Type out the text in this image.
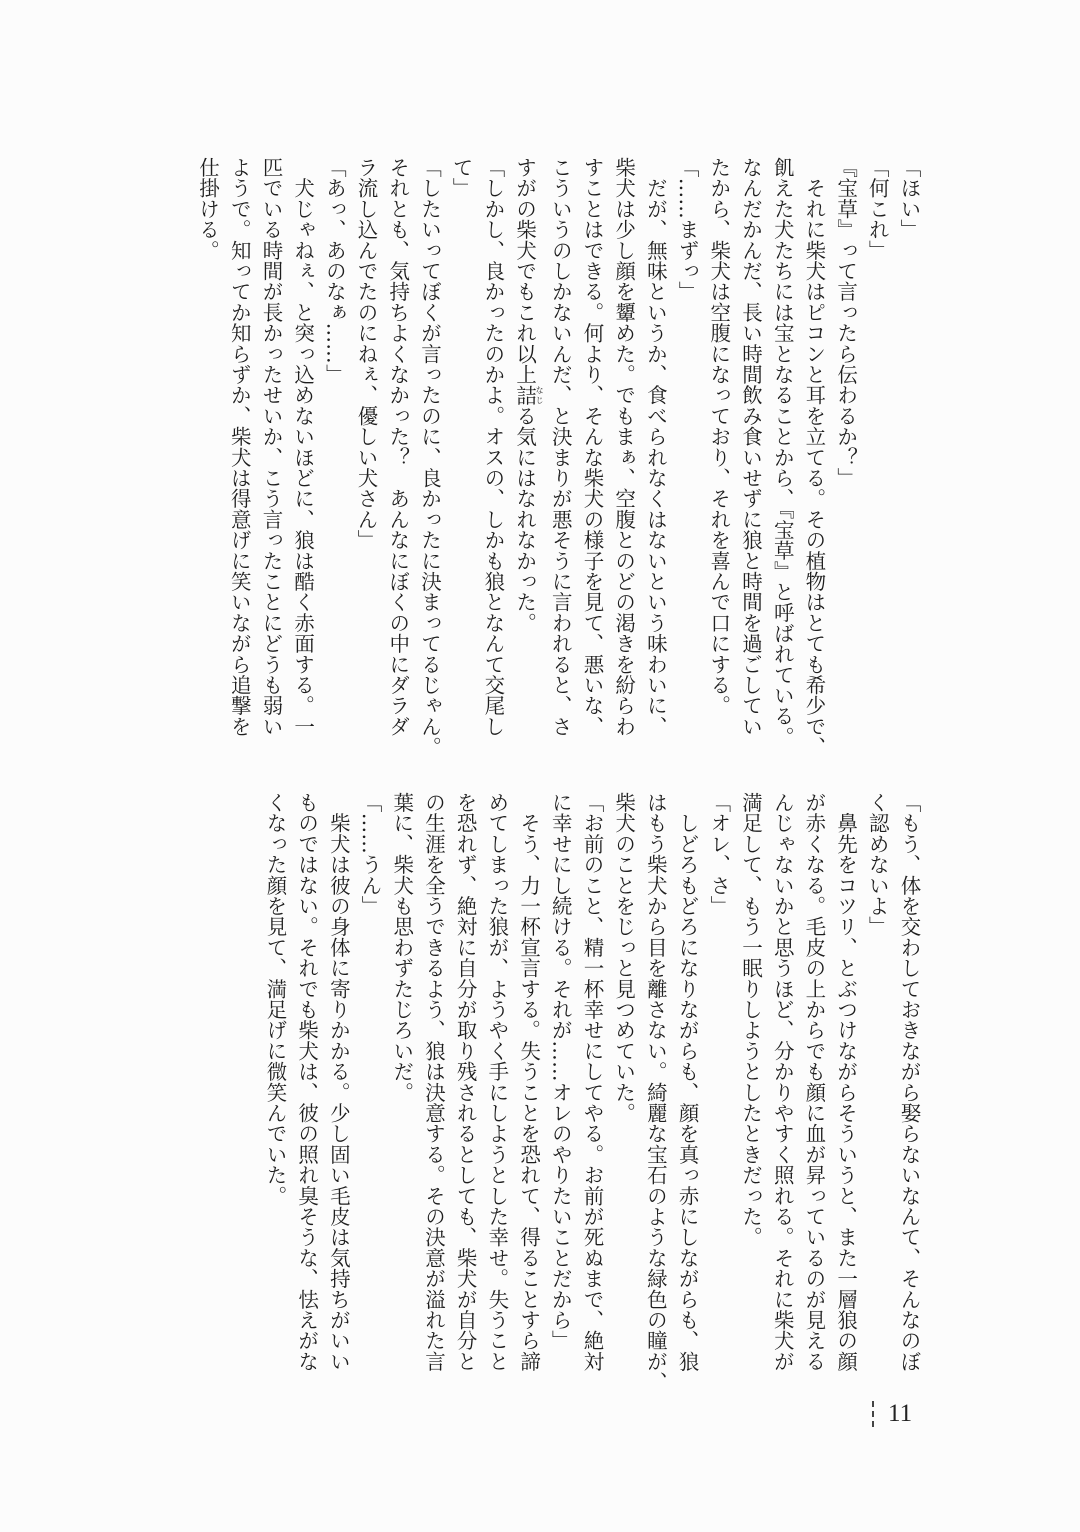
「ほい」
「何これ」
『宝草』って言ったら伝わるか？」
　それに柴犬はピコンと耳を立てる。その植物はとても希少で、
飢えた犬たちには宝となることから、『宝草』と呼ばれている。
なんだかんだ、長い時間飲み食いせずに狼と時間を過ごしてい
たから、柴犬は空腹になっており、それを喜んで口にする。
「……まずっ」
　だが、無味というか、食べられなくはないという味わいに、
柴犬は少し顔を顰めた。でもまぁ、空腹とのどの渇きを紛らわ
すことはできる。何より、そんな柴犬の様子を見て、悪いな、
こういうのしかないんだ、と決まりが悪そうに言われると、さ
すがの柴犬でもこれ以上詰なじる気にはなれなかった。
「しかし、良かったのかよ。オスの、しかも狼となんて交尾し
て」
「したいってぼくが言ったのに、良かったに決まってるじゃん。
それとも、気持ちよくなかった？　あんなにぼくの中にダラダ
ラ流し込んでたのにねぇ、優しい犬さん」
「あっ、あのなぁ……」
　犬じゃねぇ、と突っ込めないほどに、狼は酷く赤面する。一
匹でいる時間が長かったせいか、こう言ったことにどうも弱い
ようで。知ってか知らずか、柴犬は得意げに笑いながら追撃を
仕掛ける。
「もう、体を交わしておきながら娶らないなんて、そんなのぼ
く認めないよ」
　鼻先をコツリ、とぶつけながらそういうと、また一層狼の顔
が赤くなる。毛皮の上からでも顔に血が昇っているのが見える
んじゃないかと思うほど、分かりやすく照れる。それに柴犬が
満足して、もう一眠りしようとしたときだった。
「オレ、さ」
　しどろもどろになりながらも、顔を真っ赤にしながらも、狼
はもう柴犬から目を離さない。綺麗な宝石のような緑色の瞳が、
柴犬のことをじっと見つめていた。
「お前のこと、精一杯幸せにしてやる。お前が死ぬまで、絶対
に幸せにし続ける。それが……オレのやりたいことだから」
　そう、力一杯宣言する。失うことを恐れて、得ることすら諦
めてしまった狼が、ようやく手にしようとした幸せ。失うこと
を恐れず、絶対に自分が取り残されるとしても、柴犬が自分と
の生涯を全うできるよう、狼は決意する。その決意が溢れた言
葉に、柴犬も思わずたじろいだ。
「……うん」
　柴犬は彼の身体に寄りかかる。少し固い毛皮は気持ちがいい
ものではない。それでも柴犬は、彼の照れ臭そうな、怯えがな
くなった顔を見て、満足げに微笑んでいた。
11
